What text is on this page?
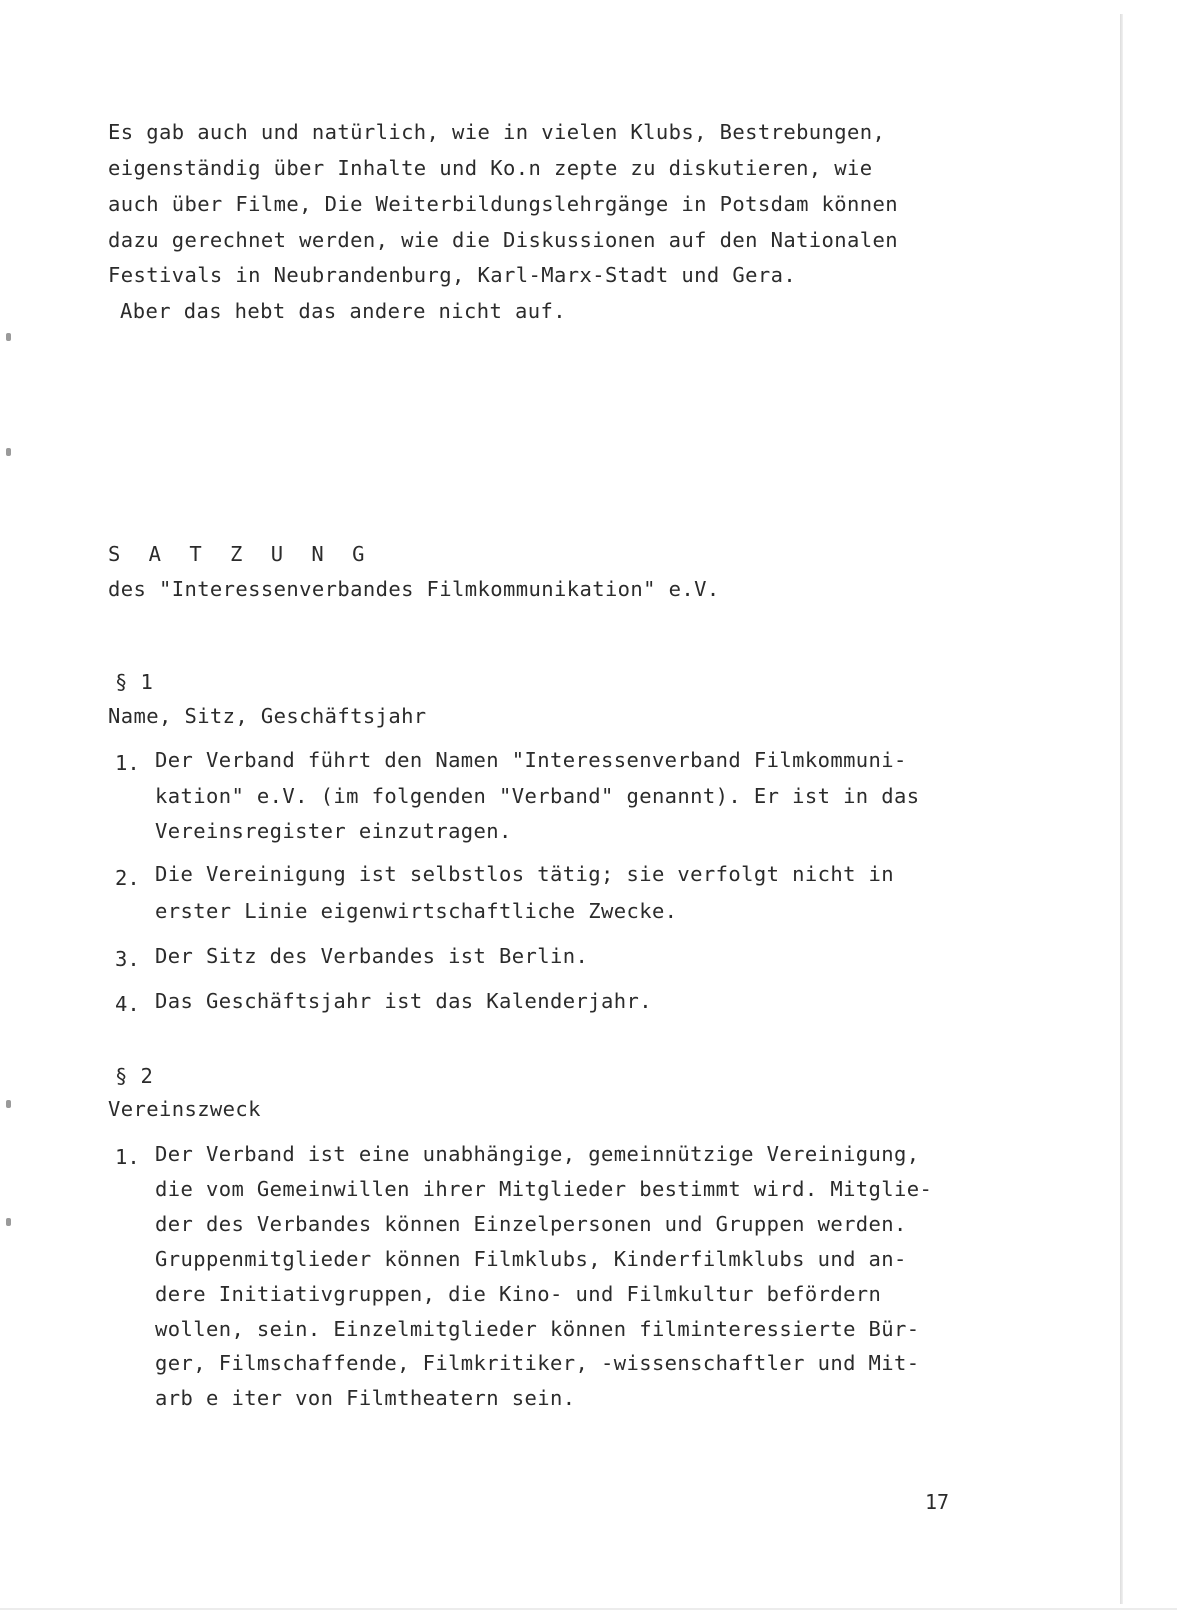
Es gab auch und natürlich, wie in vielen Klubs, Bestrebungen,
eigenständig über Inhalte und Ko.n zepte zu diskutieren, wie
auch über Filme, Die Weiterbildungslehrgänge in Potsdam können
dazu gerechnet werden, wie die Diskussionen auf den Nationalen
Festivals in Neubrandenburg, Karl-Marx-Stadt und Gera.
Aber das hebt das andere nicht auf.
S A T Z U N G
des "Interessenverbandes Filmkommunikation" e.V.
§ 1
Name, Sitz, Geschäftsjahr
1. Der Verband führt den Namen "Interessenverband Filmkommuni-
kation" e.V. (im folgenden "Verband" genannt). Er ist in das
Vereinsregister einzutragen.
2. Die Vereinigung ist selbstlos tätig; sie verfolgt nicht in
erster Linie eigenwirtschaftliche Zwecke.
3. Der Sitz des Verbandes ist Berlin.
4. Das Geschäftsjahr ist das Kalenderjahr.
§ 2
Vereinszweck
1. Der Verband ist eine unabhängige, gemeinnützige Vereinigung,
die vom Gemeinwillen ihrer Mitglieder bestimmt wird. Mitglie-
der des Verbandes können Einzelpersonen und Gruppen werden.
Gruppenmitglieder können Filmklubs, Kinderfilmklubs und an-
dere Initiativgruppen, die Kino- und Filmkultur befördern
wollen, sein. Einzelmitglieder können filminteressierte Bür-
ger, Filmschaffende, Filmkritiker, -wissenschaftler und Mit-
arb e iter von Filmtheatern sein.
17
